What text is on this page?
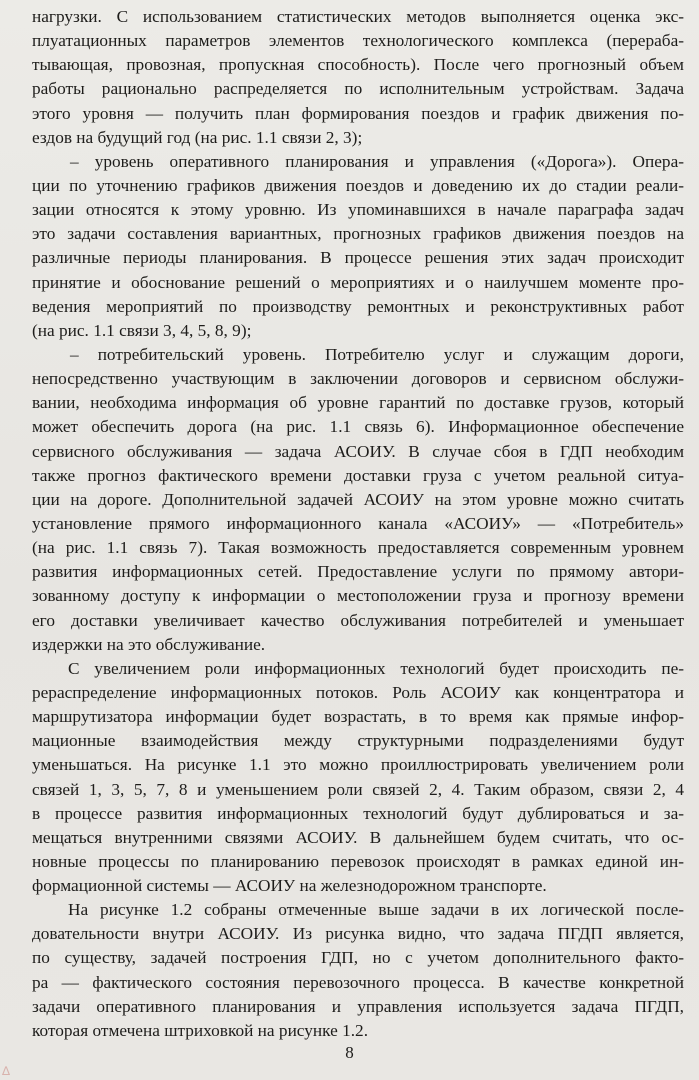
нагрузки. С использованием статистических методов выполняется оценка экс-
плуатационных параметров элементов технологического комплекса (перераба-
тывающая, провозная, пропускная способность). После чего прогнозный объем
работы рационально распределяется по исполнительным устройствам. Задача
этого уровня — получить план формирования поездов и график движения по-
ездов на будущий год (на рис. 1.1 связи 2, 3);
– уровень оперативного планирования и управления («Дорога»). Опера-
ции по уточнению графиков движения поездов и доведению их до стадии реали-
зации относятся к этому уровню. Из упоминавшихся в начале параграфа задач
это задачи составления вариантных, прогнозных графиков движения поездов на
различные периоды планирования. В процессе решения этих задач происходит
принятие и обоснование решений о мероприятиях и о наилучшем моменте про-
ведения мероприятий по производству ремонтных и реконструктивных работ
(на рис. 1.1 связи 3, 4, 5, 8, 9);
– потребительский уровень. Потребителю услуг и служащим дороги,
непосредственно участвующим в заключении договоров и сервисном обслужи-
вании, необходима информация об уровне гарантий по доставке грузов, который
может обеспечить дорога (на рис. 1.1 связь 6). Информационное обеспечение
сервисного обслуживания — задача АСОИУ. В случае сбоя в ГДП необходим
также прогноз фактического времени доставки груза с учетом реальной ситуа-
ции на дороге. Дополнительной задачей АСОИУ на этом уровне можно считать
установление прямого информационного канала «АСОИУ» — «Потребитель»
(на рис. 1.1 связь 7). Такая возможность предоставляется современным уровнем
развития информационных сетей. Предоставление услуги по прямому автори-
зованному доступу к информации о местоположении груза и прогнозу времени
его доставки увеличивает качество обслуживания потребителей и уменьшает
издержки на это обслуживание.
С увеличением роли информационных технологий будет происходить пе-
рераспределение информационных потоков. Роль АСОИУ как концентратора и
маршрутизатора информации будет возрастать, в то время как прямые инфор-
мационные взаимодействия между структурными подразделениями будут
уменьшаться. На рисунке 1.1 это можно проиллюстрировать увеличением роли
связей 1, 3, 5, 7, 8 и уменьшением роли связей 2, 4. Таким образом, связи 2, 4
в процессе развития информационных технологий будут дублироваться и за-
мещаться внутренними связями АСОИУ. В дальнейшем будем считать, что ос-
новные процессы по планированию перевозок происходят в рамках единой ин-
формационной системы — АСОИУ на железнодорожном транспорте.
На рисунке 1.2 собраны отмеченные выше задачи в их логической после-
довательности внутри АСОИУ. Из рисунка видно, что задача ПГДП является,
по существу, задачей построения ГДП, но с учетом дополнительного факто-
ра — фактического состояния перевозочного процесса. В качестве конкретной
задачи оперативного планирования и управления используется задача ПГДП,
которая отмечена штриховкой на рисунке 1.2.
8
∆
